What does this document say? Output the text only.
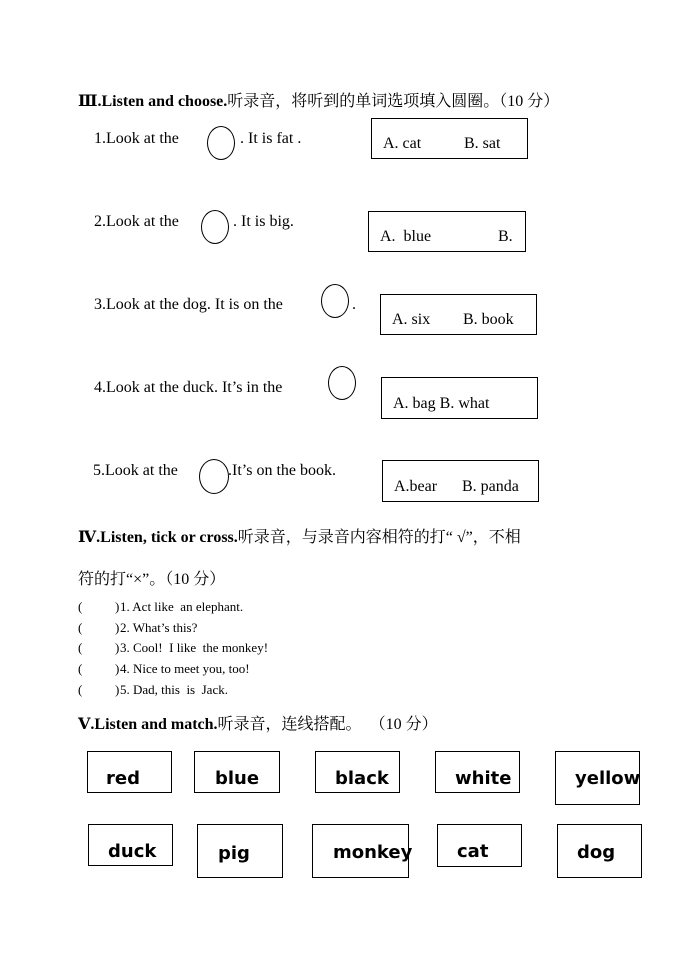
Ⅲ.Listen and choose.听录音，将听到的单词选项填入圆圈。（10 分）
1.Look at the	. It is fat .	A. cat	B. sat
2.Look at the	. It is big.
A.  blue	B.
3.Look at the dog. It is on the	.
A. six B. book
4.Look at the duck. It’s in the
A. bag B. what
5.Look at the	.It’s on the book.
A.bear B. panda
Ⅳ.Listen, tick or cross.听录音，与录音内容相符的打“ √”，不相
符的打“×”。（10 分）
(	) 1. Act like  an elephant.
(	) 2. What’s this?
(	) 3. Cool!  I like  the monkey!
(	) 4. Nice to meet you, too!
(	) 5. Dad, this  is  Jack.
Ⅴ.Listen and match.听录音，连线搭配。 （10 分）
red	blue	black	white	yellow
duck	pig	monkey cat	dog
